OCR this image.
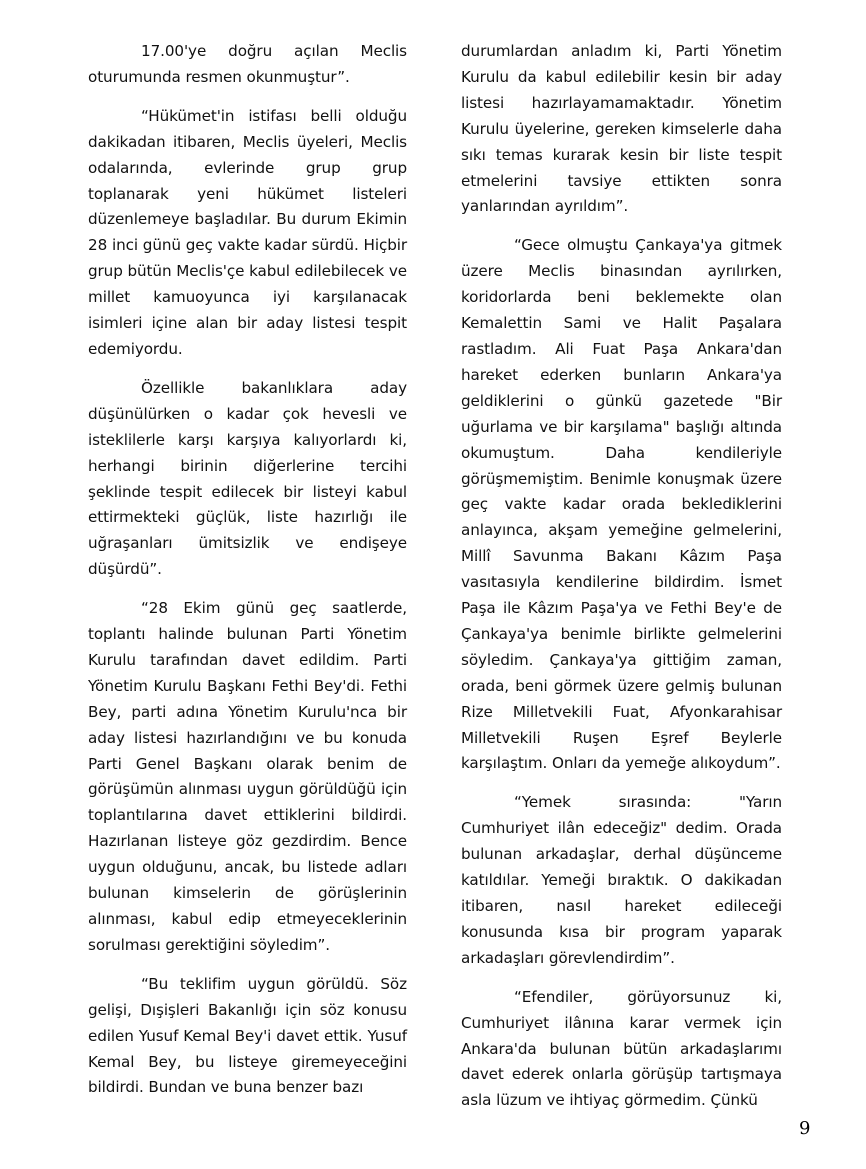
17.00'ye doğru açılan Meclis oturumunda resmen okunmuştur”.

“Hükümet'in istifası belli olduğu dakikadan itibaren, Meclis üyeleri, Meclis odalarında, evlerinde grup grup toplanarak yeni hükümet listeleri düzenlemeye başladılar. Bu durum Ekimin 28 inci günü geç vakte kadar sürdü. Hiçbir grup bütün Meclis'çe kabul edilebilecek ve millet kamuoyunca iyi karşılanacak isimleri içine alan bir aday listesi tespit edemiyordu.

Özellikle bakanlıklara aday düşünülürken o kadar çok hevesli ve isteklilerle karşı karşıya kalıyorlardı ki, herhangi birinin diğerlerine tercihi şeklinde tespit edilecek bir listeyi kabul ettirmekteki güçlük, liste hazırlığı ile uğraşanları ümitsizlik ve endişeye düşürdü”.

“28 Ekim günü geç saatlerde, toplantı halinde bulunan Parti Yönetim Kurulu tarafından davet edildim. Parti Yönetim Kurulu Başkanı Fethi Bey'di. Fethi Bey, parti adına Yönetim Kurulu'nca bir aday listesi hazırlandığını ve bu konuda Parti Genel Başkanı olarak benim de görüşümün alınması uygun görüldüğü için toplantılarına davet ettiklerini bildirdi. Hazırlanan listeye göz gezdirdim. Bence uygun olduğunu, ancak, bu listede adları bulunan kimselerin de görüşlerinin alınması, kabul edip etmeyeceklerinin sorulması gerektiğini söyledim”.

“Bu teklifim uygun görüldü. Söz gelişi, Dışişleri Bakanlığı için söz konusu edilen Yusuf Kemal Bey'i davet ettik. Yusuf Kemal Bey, bu listeye giremeyeceğini bildirdi. Bundan ve buna benzer bazı

durumlardan anladım ki, Parti Yönetim Kurulu da kabul edilebilir kesin bir aday listesi hazırlayamamaktadır. Yönetim Kurulu üyelerine, gereken kimselerle daha sıkı temas kurarak kesin bir liste tespit etmelerini tavsiye ettikten sonra yanlarından ayrıldım”.

“Gece olmuştu Çankaya'ya gitmek üzere Meclis binasından ayrılırken, koridorlarda beni beklemekte olan Kemalettin Sami ve Halit Paşalara rastladım. Ali Fuat Paşa Ankara'dan hareket ederken bunların Ankara'ya geldiklerini o günkü gazetede "Bir uğurlama ve bir karşılama" başlığı altında okumuştum. Daha kendileriyle görüşmemiştim. Benimle konuşmak üzere geç vakte kadar orada beklediklerini anlayınca, akşam yemeğine gelmelerini, Millî Savunma Bakanı Kâzım Paşa vasıtasıyla kendilerine bildirdim. İsmet Paşa ile Kâzım Paşa'ya ve Fethi Bey'e de Çankaya'ya benimle birlikte gelmelerini söyledim. Çankaya'ya gittiğim zaman, orada, beni görmek üzere gelmiş bulunan Rize Milletvekili Fuat, Afyonkarahisar Milletvekili Ruşen Eşref Beylerle karşılaştım. Onları da yemeğe alıkoydum”.

“Yemek sırasında: "Yarın Cumhuriyet ilân edeceğiz" dedim. Orada bulunan arkadaşlar, derhal düşünceme katıldılar. Yemeği bıraktık. O dakikadan itibaren, nasıl hareket edileceği konusunda kısa bir program yaparak arkadaşları görevlendirdim”.

“Efendiler, görüyorsunuz ki, Cumhuriyet ilânına karar vermek için Ankara'da bulunan bütün arkadaşlarımı davet ederek onlarla görüşüp tartışmaya asla lüzum ve ihtiyaç görmedim. Çünkü

9
